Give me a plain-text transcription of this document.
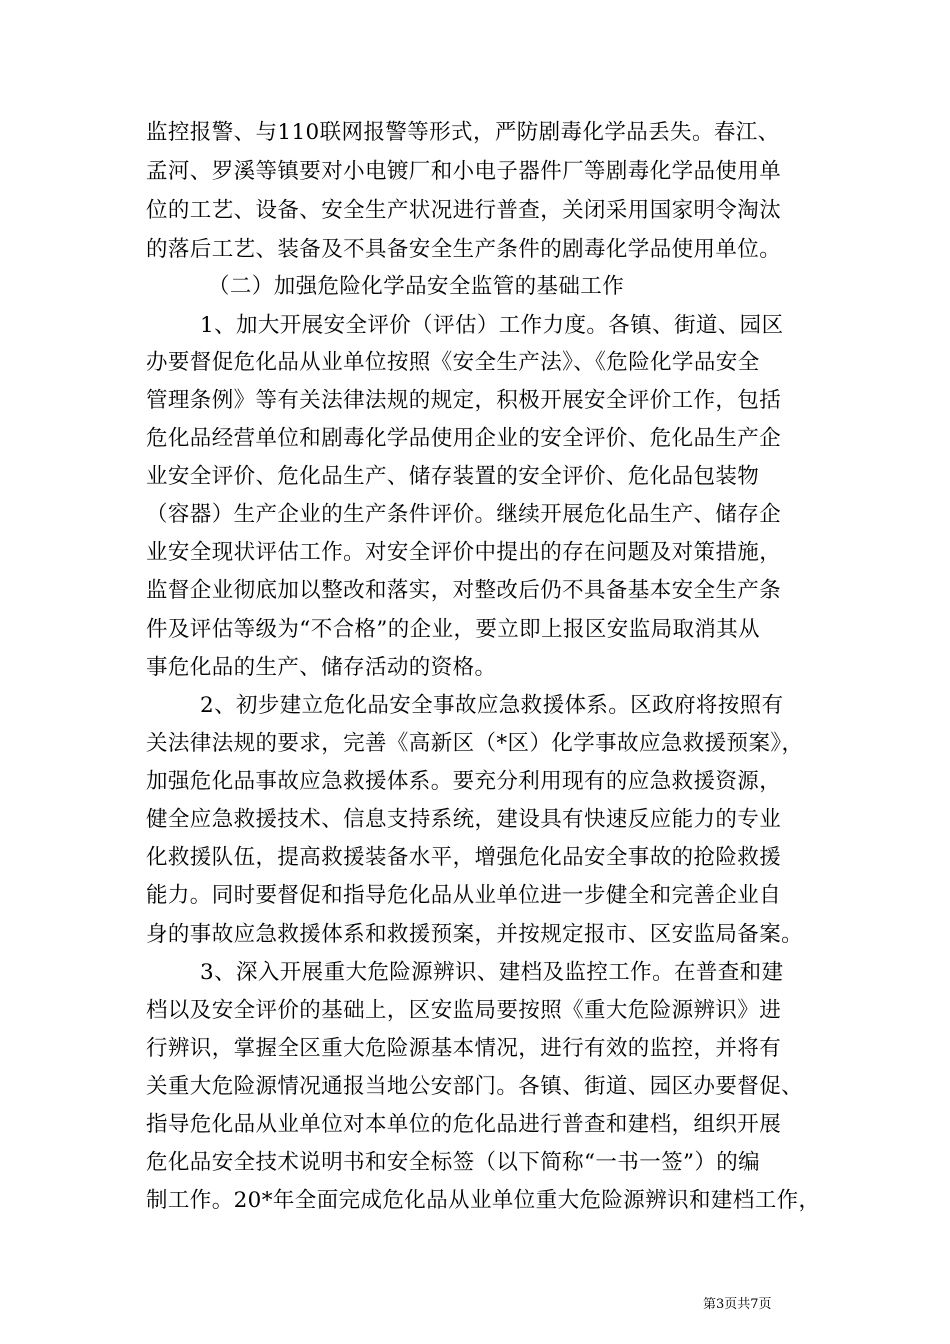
监控报警、与110联网报警等形式，严防剧毒化学品丢失。春江、
孟河、罗溪等镇要对小电镀厂和小电子器件厂等剧毒化学品使用单
位的工艺、设备、安全生产状况进行普查，关闭采用国家明令淘汰
的落后工艺、装备及不具备安全生产条件的剧毒化学品使用单位。
（二）加强危险化学品安全监管的基础工作
1、加大开展安全评价（评估）工作力度。各镇、街道、园区
办要督促危化品从业单位按照《安全生产法》、《危险化学品安全
管理条例》等有关法律法规的规定，积极开展安全评价工作，包括
危化品经营单位和剧毒化学品使用企业的安全评价、危化品生产企
业安全评价、危化品生产、储存装置的安全评价、危化品包装物
（容器）生产企业的生产条件评价。继续开展危化品生产、储存企
业安全现状评估工作。对安全评价中提出的存在问题及对策措施，
监督企业彻底加以整改和落实，对整改后仍不具备基本安全生产条
件及评估等级为“不合格”的企业，要立即上报区安监局取消其从
事危化品的生产、储存活动的资格。
2、初步建立危化品安全事故应急救援体系。区政府将按照有
关法律法规的要求，完善《高新区（*区）化学事故应急救援预案》，
加强危化品事故应急救援体系。要充分利用现有的应急救援资源，
健全应急救援技术、信息支持系统，建设具有快速反应能力的专业
化救援队伍，提高救援装备水平，增强危化品安全事故的抢险救援
能力。同时要督促和指导危化品从业单位进一步健全和完善企业自
身的事故应急救援体系和救援预案，并按规定报市、区安监局备案。
3、深入开展重大危险源辨识、建档及监控工作。在普查和建
档以及安全评价的基础上，区安监局要按照《重大危险源辨识》进
行辨识，掌握全区重大危险源基本情况，进行有效的监控，并将有
关重大危险源情况通报当地公安部门。各镇、街道、园区办要督促、
指导危化品从业单位对本单位的危化品进行普查和建档，组织开展
危化品安全技术说明书和安全标签（以下简称“一书一签”）的编
制工作。20*年全面完成危化品从业单位重大危险源辨识和建档工作，
第3页共7页
